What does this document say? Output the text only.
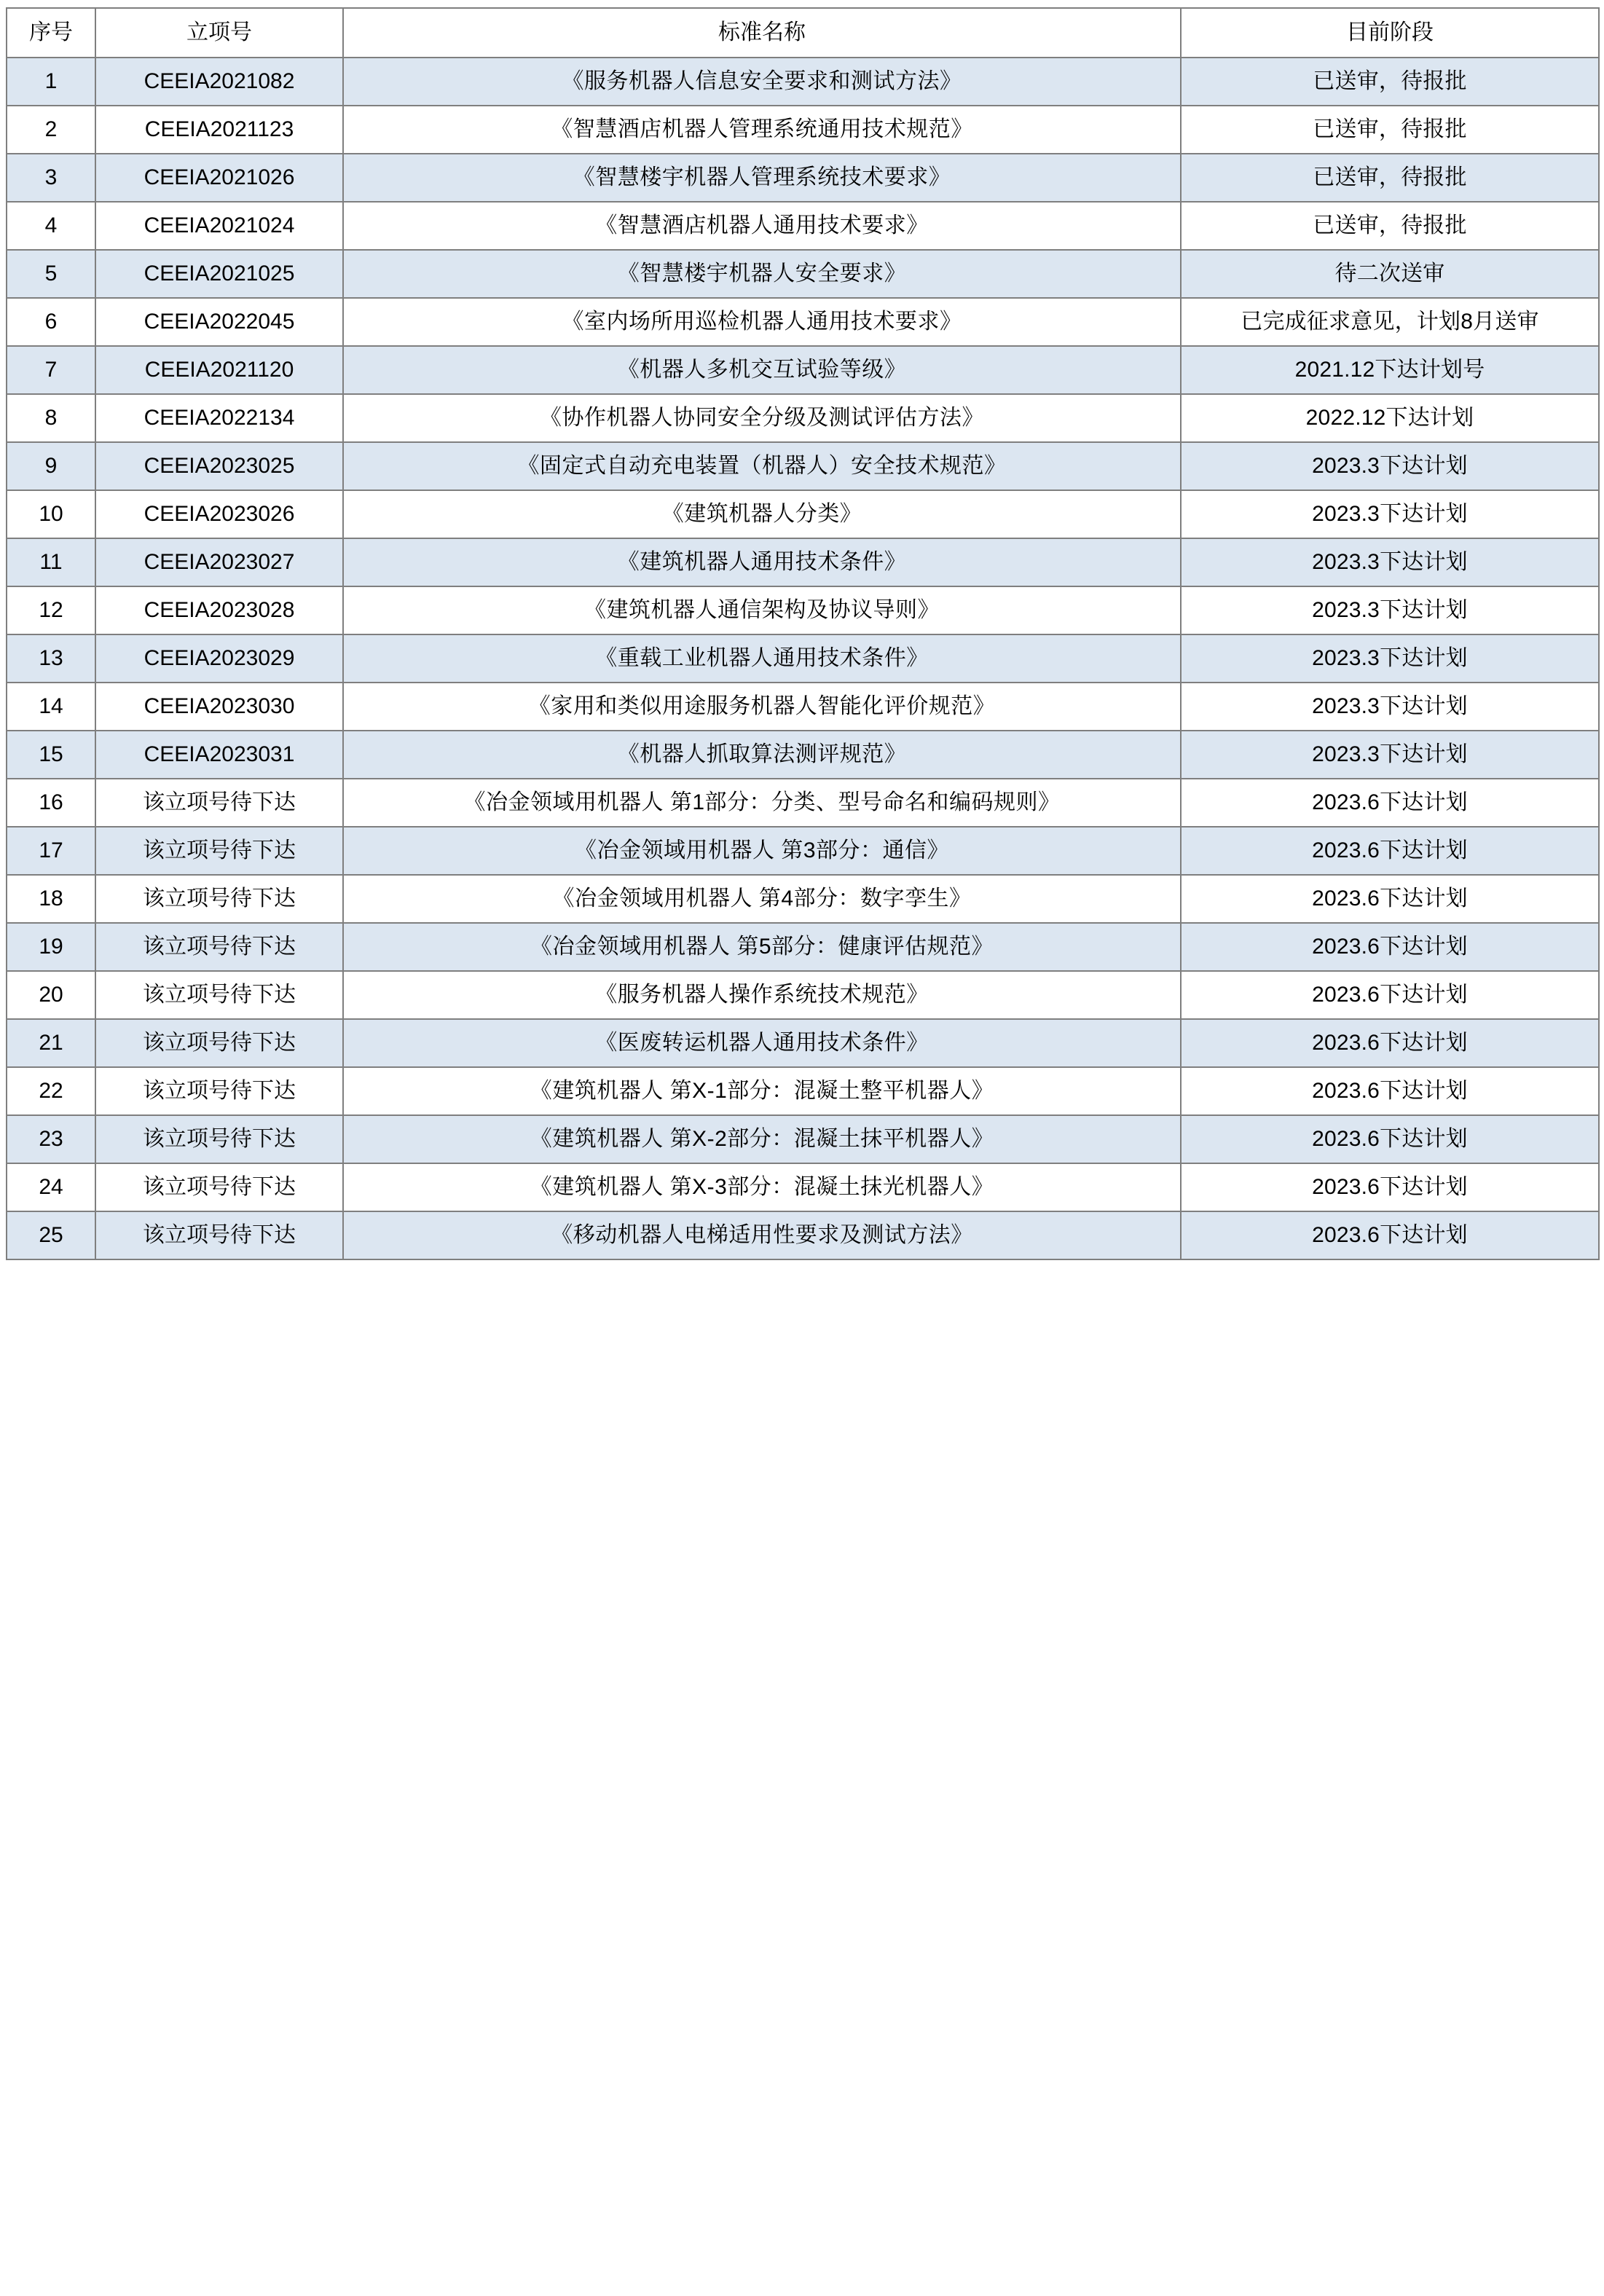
序号	立项号	标准名称	目前阶段
1	CEEIA2021082	《服务机器人信息安全要求和测试方法》	已送审，待报批
2	CEEIA2021123	《智慧酒店机器人管理系统通用技术规范》	已送审，待报批
3	CEEIA2021026	《智慧楼宇机器人管理系统技术要求》	已送审，待报批
4	CEEIA2021024	《智慧酒店机器人通用技术要求》	已送审，待报批
5	CEEIA2021025	《智慧楼宇机器人安全要求》	待二次送审
6	CEEIA2022045	《室内场所用巡检机器人通用技术要求》	已完成征求意见，计划8月送审
7	CEEIA2021120	《机器人多机交互试验等级》	2021.12下达计划号
8	CEEIA2022134	《协作机器人协同安全分级及测试评估方法》	2022.12下达计划
9	CEEIA2023025	《固定式自动充电装置（机器人）安全技术规范》	2023.3下达计划
10	CEEIA2023026	《建筑机器人分类》	2023.3下达计划
11	CEEIA2023027	《建筑机器人通用技术条件》	2023.3下达计划
12	CEEIA2023028	《建筑机器人通信架构及协议导则》	2023.3下达计划
13	CEEIA2023029	《重载工业机器人通用技术条件》	2023.3下达计划
14	CEEIA2023030	《家用和类似用途服务机器人智能化评价规范》	2023.3下达计划
15	CEEIA2023031	《机器人抓取算法测评规范》	2023.3下达计划
16	该立项号待下达	《冶金领域用机器人 第1部分：分类、型号命名和编码规则》	2023.6下达计划
17	该立项号待下达	《冶金领域用机器人 第3部分：通信》	2023.6下达计划
18	该立项号待下达	《冶金领域用机器人 第4部分：数字孪生》	2023.6下达计划
19	该立项号待下达	《冶金领域用机器人 第5部分：健康评估规范》	2023.6下达计划
20	该立项号待下达	《服务机器人操作系统技术规范》	2023.6下达计划
21	该立项号待下达	《医废转运机器人通用技术条件》	2023.6下达计划
22	该立项号待下达	《建筑机器人 第X-1部分：混凝土整平机器人》	2023.6下达计划
23	该立项号待下达	《建筑机器人 第X-2部分：混凝土抹平机器人》	2023.6下达计划
24	该立项号待下达	《建筑机器人 第X-3部分：混凝土抹光机器人》	2023.6下达计划
25	该立项号待下达	《移动机器人电梯适用性要求及测试方法》	2023.6下达计划
